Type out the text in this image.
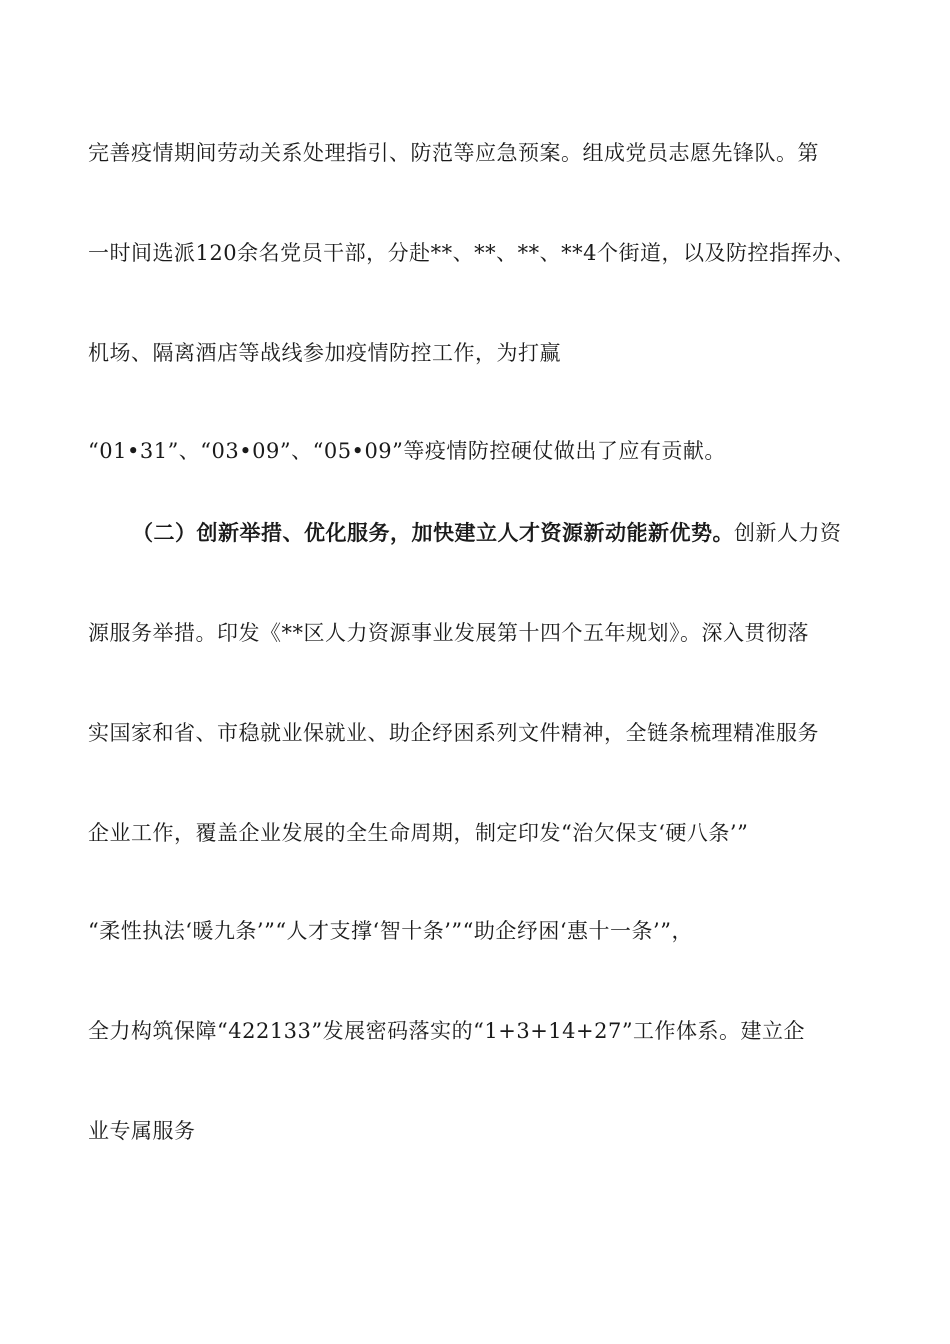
完善疫情期间劳动关系处理指引、防范等应急预案。组成党员志愿先锋队。第
一时间选派120余名党员干部，分赴**、**、**、**4个街道，以及防控指挥办、
机场、隔离酒店等战线参加疫情防控工作，为打赢
“01•31”、“03•09”、“05•09”等疫情防控硬仗做出了应有贡献。
（二）创新举措、优化服务，加快建立人才资源新动能新优势。创新人力资
源服务举措。印发《**区人力资源事业发展第十四个五年规划》。深入贯彻落
实国家和省、市稳就业保就业、助企纾困系列文件精神，全链条梳理精准服务
企业工作，覆盖企业发展的全生命周期，制定印发“治欠保支‘硬八条’”
“柔性执法‘暖九条’”“人才支撑‘智十条’”“助企纾困‘惠十一条’”，
全力构筑保障“422133”发展密码落实的“1+3+14+27”工作体系。建立企
业专属服务
